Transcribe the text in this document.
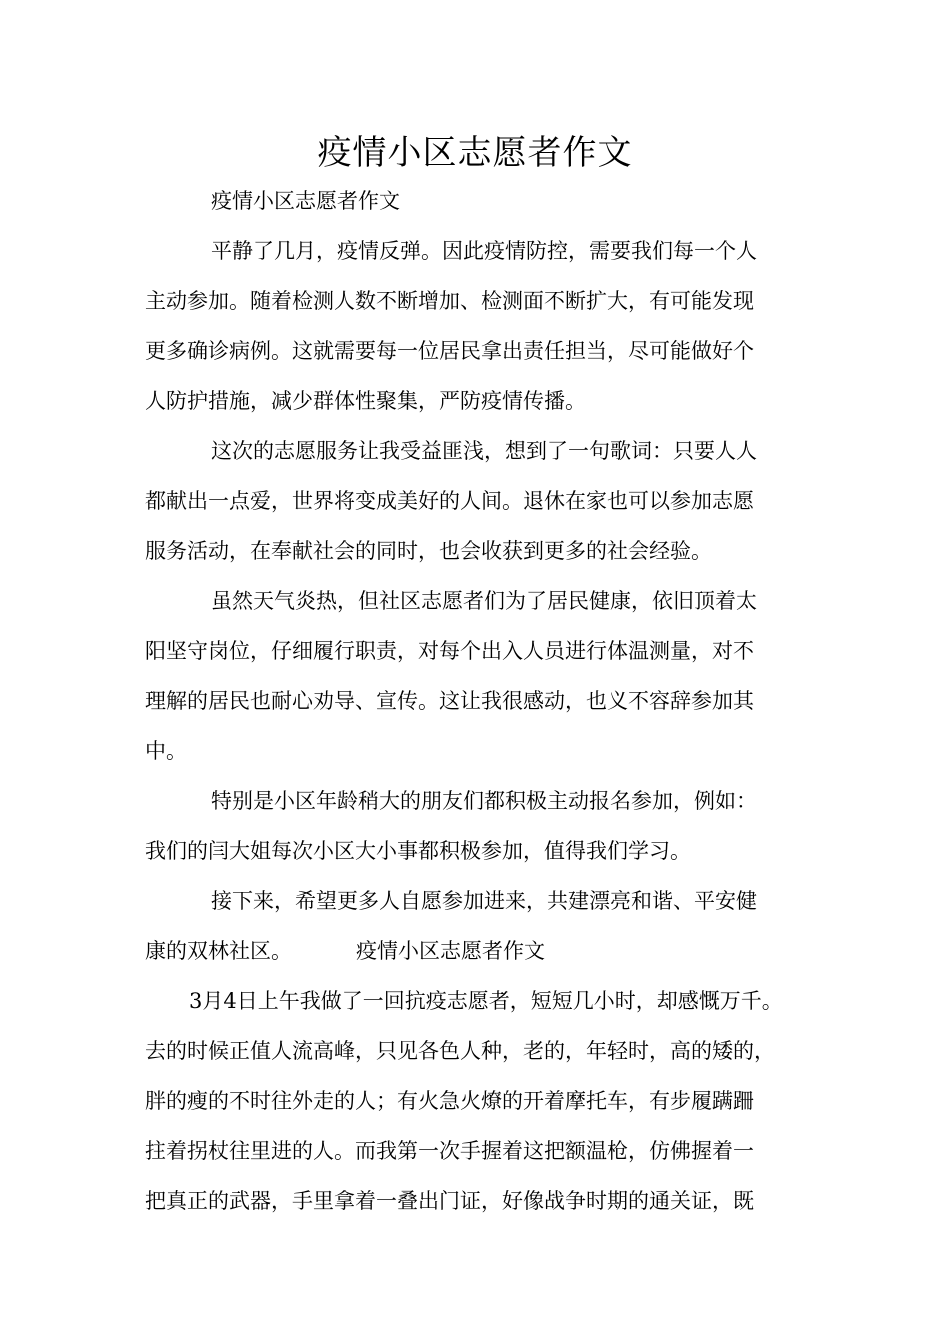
疫情小区志愿者作文

疫情小区志愿者作文

平静了几月，疫情反弹。因此疫情防控，需要我们每一个人
主动参加。随着检测人数不断增加、检测面不断扩大，有可能发现
更多确诊病例。这就需要每一位居民拿出责任担当，尽可能做好个
人防护措施，减少群体性聚集，严防疫情传播。

这次的志愿服务让我受益匪浅，想到了一句歌词：只要人人
都献出一点爱，世界将变成美好的人间。退休在家也可以参加志愿
服务活动，在奉献社会的同时，也会收获到更多的社会经验。

虽然天气炎热，但社区志愿者们为了居民健康，依旧顶着太
阳坚守岗位，仔细履行职责，对每个出入人员进行体温测量，对不
理解的居民也耐心劝导、宣传。这让我很感动，也义不容辞参加其
中。

特别是小区年龄稍大的朋友们都积极主动报名参加，例如：
我们的闫大姐每次小区大小事都积极参加，值得我们学习。

接下来，希望更多人自愿参加进来，共建漂亮和谐、平安健
康的双林社区。	疫情小区志愿者作文

3月4日上午我做了一回抗疫志愿者，短短几小时，却感慨万千。
去的时候正值人流高峰，只见各色人种，老的，年轻时，高的矮的，
胖的瘦的不时往外走的人；有火急火燎的开着摩托车，有步履蹒跚
拄着拐杖往里进的人。而我第一次手握着这把额温枪，仿佛握着一
把真正的武器，手里拿着一叠出门证，好像战争时期的通关证，既
